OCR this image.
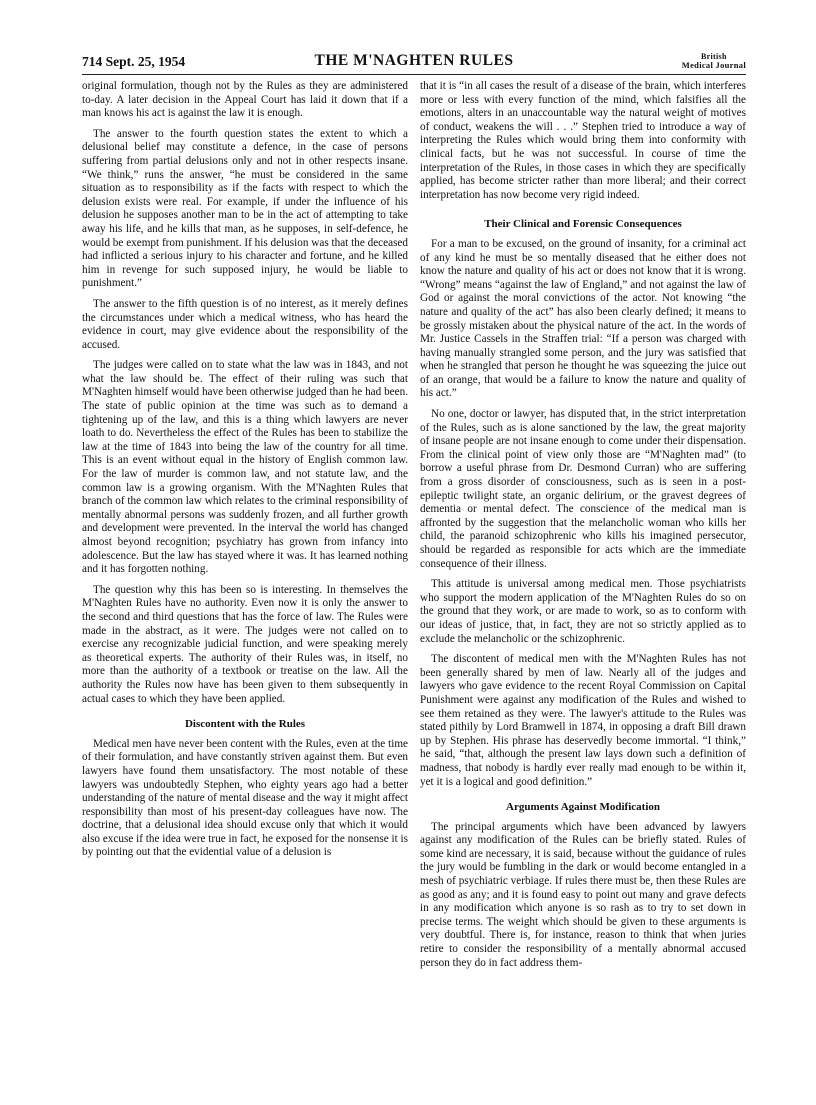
714 Sept. 25, 1954	THE M'NAGHTEN RULES	British
Medical Journal

original formulation, though not by the Rules as they are administered to-day. A later decision in the Appeal Court has laid it down that if a man knows his act is against the law it is enough.

The answer to the fourth question states the extent to which a delusional belief may constitute a defence, in the case of persons suffering from partial delusions only and not in other respects insane. “We think,” runs the answer, “he must be considered in the same situation as to responsibility as if the facts with respect to which the delusion exists were real. For example, if under the influence of his delusion he supposes another man to be in the act of attempting to take away his life, and he kills that man, as he supposes, in self-defence, he would be exempt from punishment. If his delusion was that the deceased had inflicted a serious injury to his character and fortune, and he killed him in revenge for such supposed injury, he would be liable to punishment.”

The answer to the fifth question is of no interest, as it merely defines the circumstances under which a medical witness, who has heard the evidence in court, may give evidence about the responsibility of the accused.

The judges were called on to state what the law was in 1843, and not what the law should be. The effect of their ruling was such that M'Naghten himself would have been otherwise judged than he had been. The state of public opinion at the time was such as to demand a tightening up of the law, and this is a thing which lawyers are never loath to do. Nevertheless the effect of the Rules has been to stabilize the law at the time of 1843 into being the law of the country for all time. This is an event without equal in the history of English common law. For the law of murder is common law, and not statute law, and the common law is a growing organism. With the M'Naghten Rules that branch of the common law which relates to the criminal responsibility of mentally abnormal persons was suddenly frozen, and all further growth and development were prevented. In the interval the world has changed almost beyond recognition; psychiatry has grown from infancy into adolescence. But the law has stayed where it was. It has learned nothing and it has forgotten nothing.

The question why this has been so is interesting. In themselves the M'Naghten Rules have no authority. Even now it is only the answer to the second and third questions that has the force of law. The Rules were made in the abstract, as it were. The judges were not called on to exercise any recognizable judicial function, and were speaking merely as theoretical experts. The authority of their Rules was, in itself, no more than the authority of a textbook or treatise on the law. All the authority the Rules now have has been given to them subsequently in actual cases to which they have been applied.

Discontent with the Rules

Medical men have never been content with the Rules, even at the time of their formulation, and have constantly striven against them. But even lawyers have found them unsatisfactory. The most notable of these lawyers was undoubtedly Stephen, who eighty years ago had a better understanding of the nature of mental disease and the way it might affect responsibility than most of his present-day colleagues have now. The doctrine, that a delusional idea should excuse only that which it would also excuse if the idea were true in fact, he exposed for the nonsense it is by pointing out that the evidential value of a delusion is

that it is “in all cases the result of a disease of the brain, which interferes more or less with every function of the mind, which falsifies all the emotions, alters in an unaccountable way the natural weight of motives of conduct, weakens the will . . .” Stephen tried to introduce a way of interpreting the Rules which would bring them into conformity with clinical facts, but he was not successful. In course of time the interpretation of the Rules, in those cases in which they are specifically applied, has become stricter rather than more liberal; and their correct interpretation has now become very rigid indeed.

Their Clinical and Forensic Consequences

For a man to be excused, on the ground of insanity, for a criminal act of any kind he must be so mentally diseased that he either does not know the nature and quality of his act or does not know that it is wrong. “Wrong” means “against the law of England,” and not against the law of God or against the moral convictions of the actor. Not knowing “the nature and quality of the act” has also been clearly defined; it means to be grossly mistaken about the physical nature of the act. In the words of Mr. Justice Cassels in the Straffen trial: “If a person was charged with having manually strangled some person, and the jury was satisfied that when he strangled that person he thought he was squeezing the juice out of an orange, that would be a failure to know the nature and quality of his act.”

No one, doctor or lawyer, has disputed that, in the strict interpretation of the Rules, such as is alone sanctioned by the law, the great majority of insane people are not insane enough to come under their dispensation. From the clinical point of view only those are “M'Naghten mad” (to borrow a useful phrase from Dr. Desmond Curran) who are suffering from a gross disorder of consciousness, such as is seen in a post-epileptic twilight state, an organic delirium, or the gravest degrees of dementia or mental defect. The conscience of the medical man is affronted by the suggestion that the melancholic woman who kills her child, the paranoid schizophrenic who kills his imagined persecutor, should be regarded as responsible for acts which are the immediate consequence of their illness.

This attitude is universal among medical men. Those psychiatrists who support the modern application of the M'Naghten Rules do so on the ground that they work, or are made to work, so as to conform with our ideas of justice, that, in fact, they are not so strictly applied as to exclude the melancholic or the schizophrenic.

The discontent of medical men with the M'Naghten Rules has not been generally shared by men of law. Nearly all of the judges and lawyers who gave evidence to the recent Royal Commission on Capital Punishment were against any modification of the Rules and wished to see them retained as they were. The lawyer's attitude to the Rules was stated pithily by Lord Bramwell in 1874, in opposing a draft Bill drawn up by Stephen. His phrase has deservedly become immortal. “I think,” he said, “that, although the present law lays down such a definition of madness, that nobody is hardly ever really mad enough to be within it, yet it is a logical and good definition.”

Arguments Against Modification

The principal arguments which have been advanced by lawyers against any modification of the Rules can be briefly stated. Rules of some kind are necessary, it is said, because without the guidance of rules the jury would be fumbling in the dark or would become entangled in a mesh of psychiatric verbiage. If rules there must be, then these Rules are as good as any; and it is found easy to point out many and grave defects in any modification which anyone is so rash as to try to set down in precise terms. The weight which should be given to these arguments is very doubtful. There is, for instance, reason to think that when juries retire to consider the responsibility of a mentally abnormal accused person they do in fact address them-
